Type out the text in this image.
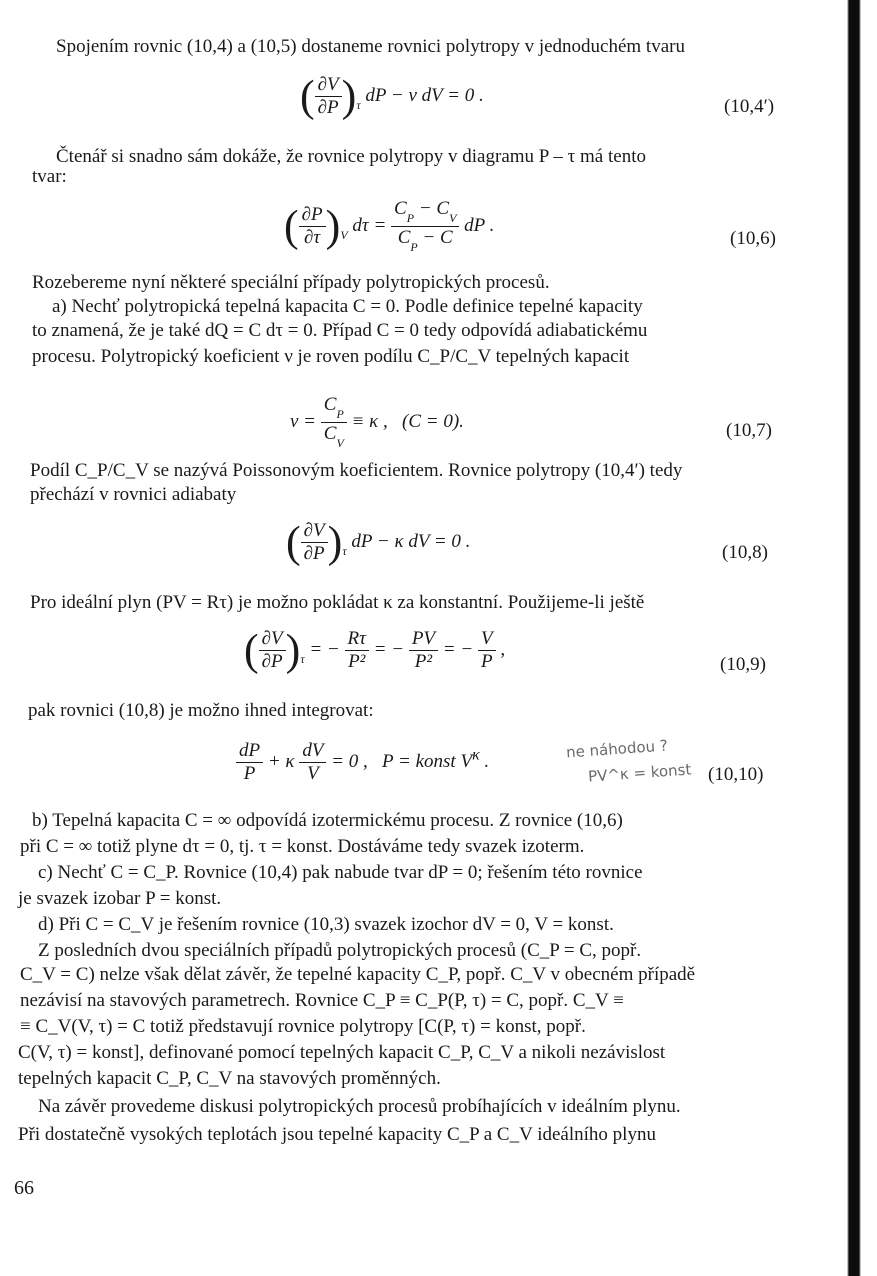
Spojením rovnic (10,4) a (10,5) dostaneme rovnici polytropy v jednoduchém tvaru
( $\frac{\partial V}{\partial P} )_\tau$ dP − ν dV = 0 .
(10,4′)
Čtenář si snadno sám dokáže, že rovnice polytropy v diagramu P – τ má tento
tvar:
( $\frac{\partial P}{\partial\tau} )_V$ $d\tau = \frac{C_P - C_V}{C_P - C}$ dP .
(10,6)
Rozebereme nyní některé speciální případy polytropických procesů.
a) Nechť polytropická tepelná kapacita C = 0. Podle definice tepelné kapacity
to znamená, že je také dQ = C dτ = 0. Případ C = 0 tedy odpovídá adiabatickému
procesu. Polytropický koeficient ν je roven podílu C_P/C_V tepelných kapacit
$\nu = \frac{C_P}{C_V} \equiv \kappa$ ,   (C = 0).	(10,7)
Podíl C_P/C_V se nazývá Poissonovým koeficientem. Rovnice polytropy (10,4′) tedy
přechází v rovnici adiabaty
( $\frac{\partial V}{\partial P} )_\tau$ dP − κ dV = 0 .
(10,8)
Pro ideální plyn (PV = Rτ) je možno pokládat κ za konstantní. Použijeme-li ještě
( $\frac{\partial V}{\partial P} )_\tau$ = − $\frac{R\tau}{\text{P²}}$ = − $\frac{PV}{\text{P²}}$ = − $\frac{V}{P}$ ,
(10,9)
pak rovnici (10,8) je možno ihned integrovat:
$\frac{dP}{P} + \kappa \frac{dV}{V} = 0$ ,   P = konst $V^\kappa$ .
(10,10)
ne náhodou ?
PV^κ = konst
b) Tepelná kapacita C = ∞ odpovídá izotermickému procesu. Z rovnice (10,6)
při C = ∞ totiž plyne dτ = 0, tj. τ = konst. Dostáváme tedy svazek izoterm.
c) Nechť C = C_P. Rovnice (10,4) pak nabude tvar dP = 0; řešením této rovnice
je svazek izobar P = konst.
d) Při C = C_V je řešením rovnice (10,3) svazek izochor dV = 0, V = konst.
Z posledních dvou speciálních případů polytropických procesů (C_P = C, popř.
C_V = C) nelze však dělat závěr, že tepelné kapacity C_P, popř. C_V v obecném případě
nezávisí na stavových parametrech. Rovnice C_P ≡ C_P(P, τ) = C, popř. C_V ≡
≡ C_V(V, τ) = C totiž představují rovnice polytropy [C(P, τ) = konst, popř.
C(V, τ) = konst], definované pomocí tepelných kapacit C_P, C_V a nikoli nezávislost
tepelných kapacit C_P, C_V na stavových proměnných.
Na závěr provedeme diskusi polytropických procesů probíhajících v ideálním plynu.
Při dostatečně vysokých teplotách jsou tepelné kapacity C_P a C_V ideálního plynu
66
